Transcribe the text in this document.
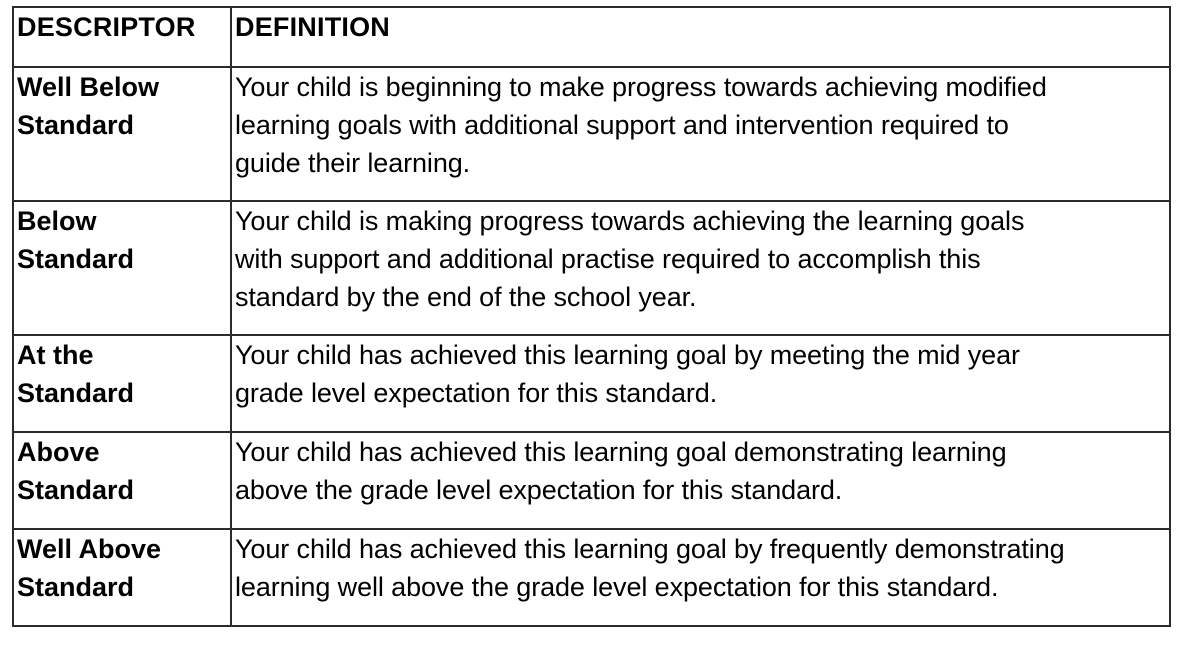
DESCRIPTOR	DEFINITION

Well Below
Standard	Your child is beginning to make progress towards achieving modified
learning goals with additional support and intervention required to
guide their learning.

Below
Standard	Your child is making progress towards achieving the learning goals
with support and additional practise required to accomplish this
standard by the end of the school year.

At the
Standard	Your child has achieved this learning goal by meeting the mid year
grade level expectation for this standard.

Above
Standard	Your child has achieved this learning goal demonstrating learning
above the grade level expectation for this standard.

Well Above
Standard	Your child has achieved this learning goal by frequently demonstrating
learning well above the grade level expectation for this standard.
